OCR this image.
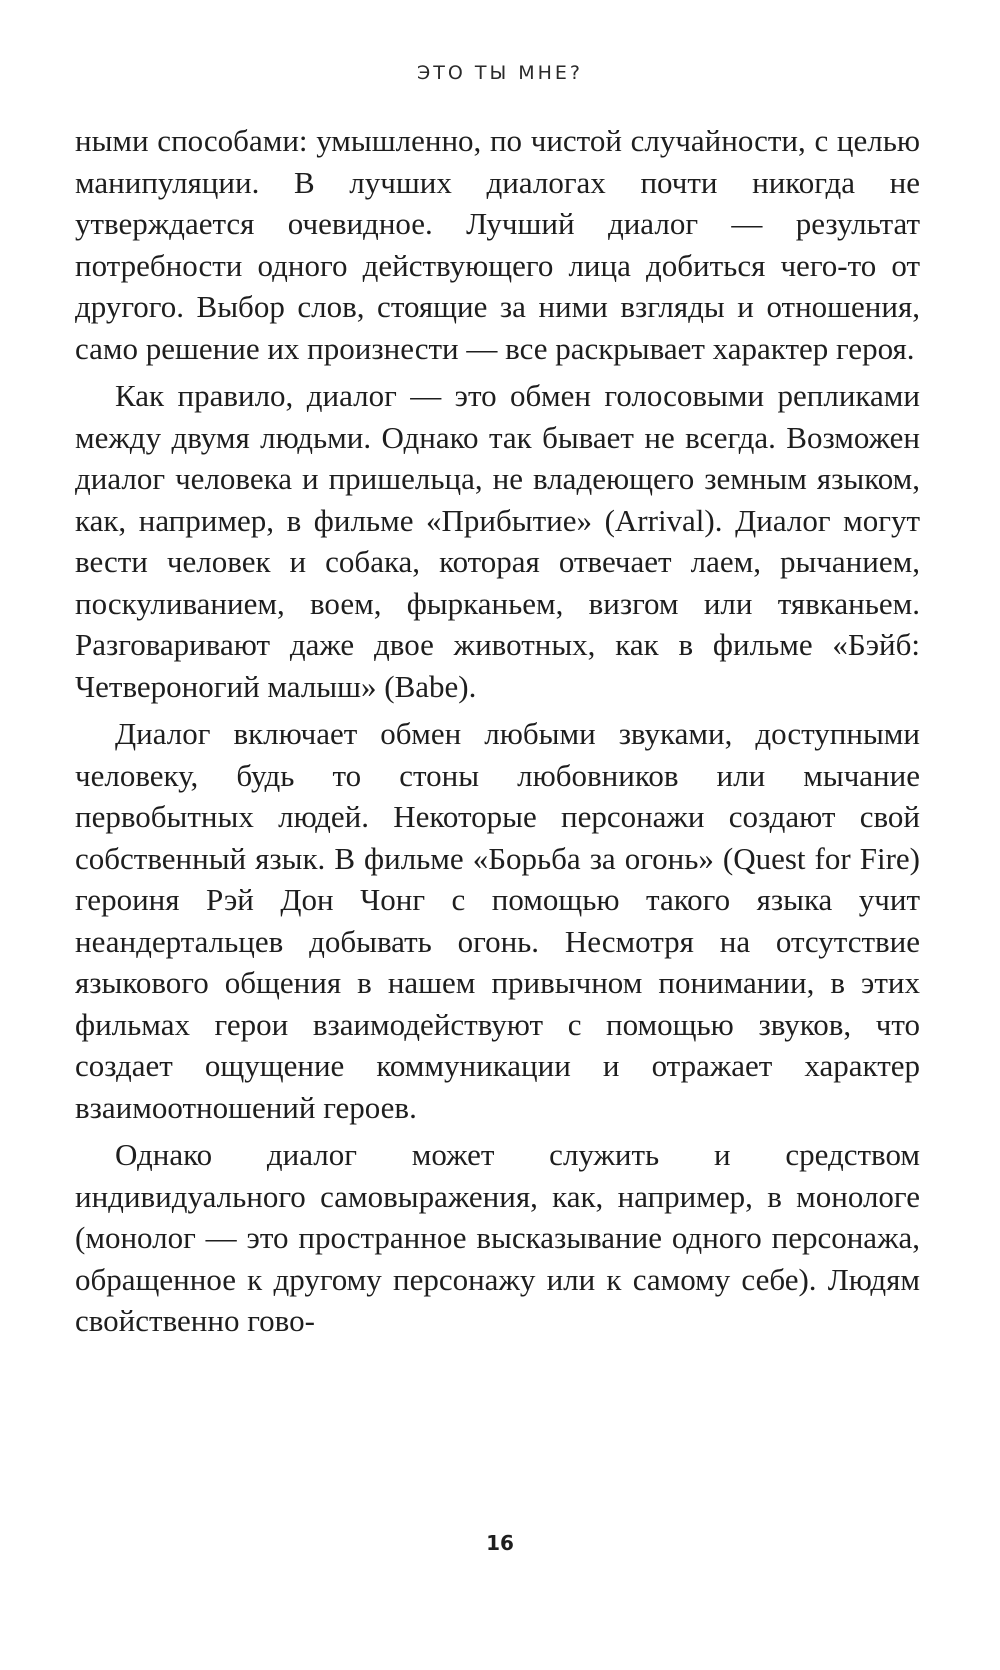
ЭТО ТЫ МНЕ?

ными способами: умышленно, по чистой случайности, с целью манипуляции. В лучших диалогах почти никогда не утверждается очевидное. Лучший диалог — результат потребности одного действующего лица добиться чего-то от другого. Выбор слов, стоящие за ними взгляды и отношения, само решение их произнести — все раскрывает характер героя.

Как правило, диалог — это обмен голосовыми репликами между двумя людьми. Однако так бывает не всегда. Возможен диалог человека и пришельца, не владеющего земным языком, как, например, в фильме «Прибытие» (Arrival). Диалог могут вести человек и собака, которая отвечает лаем, рычанием, поскуливанием, воем, фырканьем, визгом или тявканьем. Разговаривают даже двое животных, как в фильме «Бэйб: Четвероногий малыш» (Babe).

Диалог включает обмен любыми звуками, доступными человеку, будь то стоны любовников или мычание первобытных людей. Некоторые персонажи создают свой собственный язык. В фильме «Борьба за огонь» (Quest for Fire) героиня Рэй Дон Чонг с помощью такого языка учит неандертальцев добывать огонь. Несмотря на отсутствие языкового общения в нашем привычном понимании, в этих фильмах герои взаимодействуют с помощью звуков, что создает ощущение коммуникации и отражает характер взаимоотношений героев.

Однако диалог может служить и средством индивидуального самовыражения, как, например, в монологе (монолог — это пространное высказывание одного персонажа, обращенное к другому персонажу или к самому себе). Людям свойственно гово-

16
